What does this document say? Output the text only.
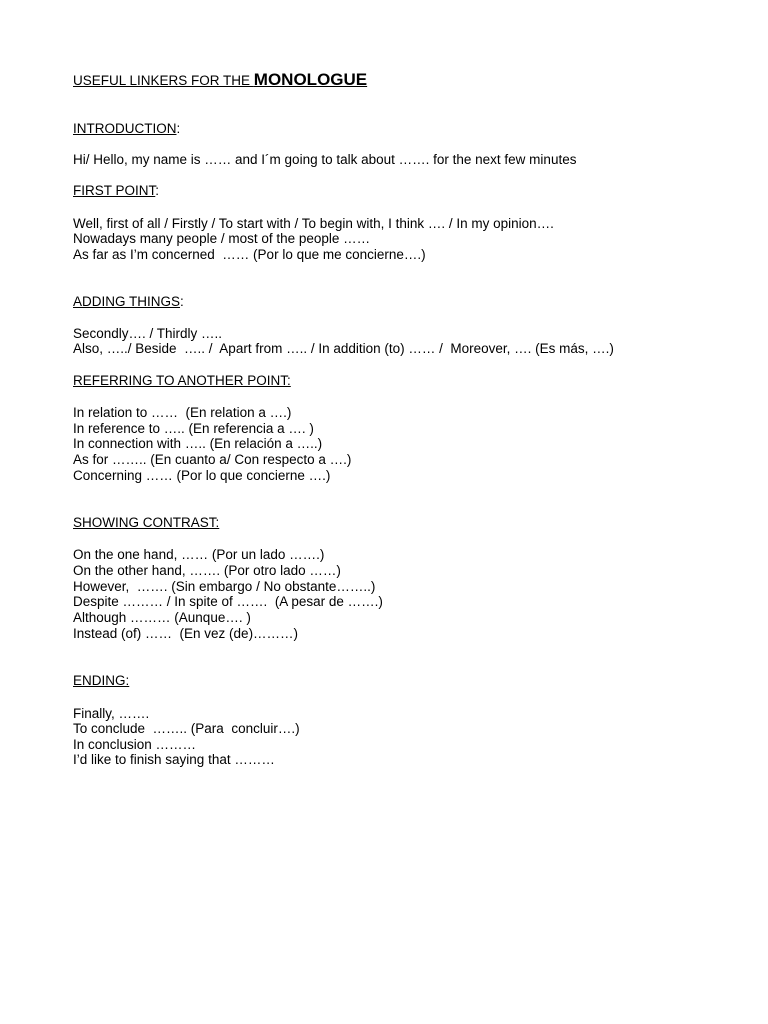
USEFUL LINKERS FOR THE MONOLOGUE
INTRODUCTION:
Hi/ Hello, my name is …… and I´m going to talk about ……. for the next few minutes
FIRST POINT:
Well, first of all / Firstly / To start with / To begin with, I think …. / In my opinion….
Nowadays many people / most of the people ……
As far as I’m concerned  …… (Por lo que me concierne….)
ADDING THINGS:
Secondly…. / Thirdly …..
Also, …../ Beside  ….. /  Apart from ….. / In addition (to) …… /  Moreover, …. (Es más, ….)
REFERRING TO ANOTHER POINT:
In relation to ……  (En relation a ….)
In reference to ….. (En referencia a …. )
In connection with ….. (En relación a …..)
As for …….. (En cuanto a/ Con respecto a ….)
Concerning …… (Por lo que concierne ….)
SHOWING CONTRAST:
On the one hand, …… (Por un lado …….)
On the other hand, ……. (Por otro lado ……)
However,  ……. (Sin embargo / No obstante……..)
Despite ……… / In spite of …….  (A pesar de …….)
Although ……… (Aunque…. )
Instead (of) ……  (En vez (de)………)
ENDING:
Finally, …….
To conclude  …….. (Para  concluir….)
In conclusion ………
I’d like to finish saying that ………
